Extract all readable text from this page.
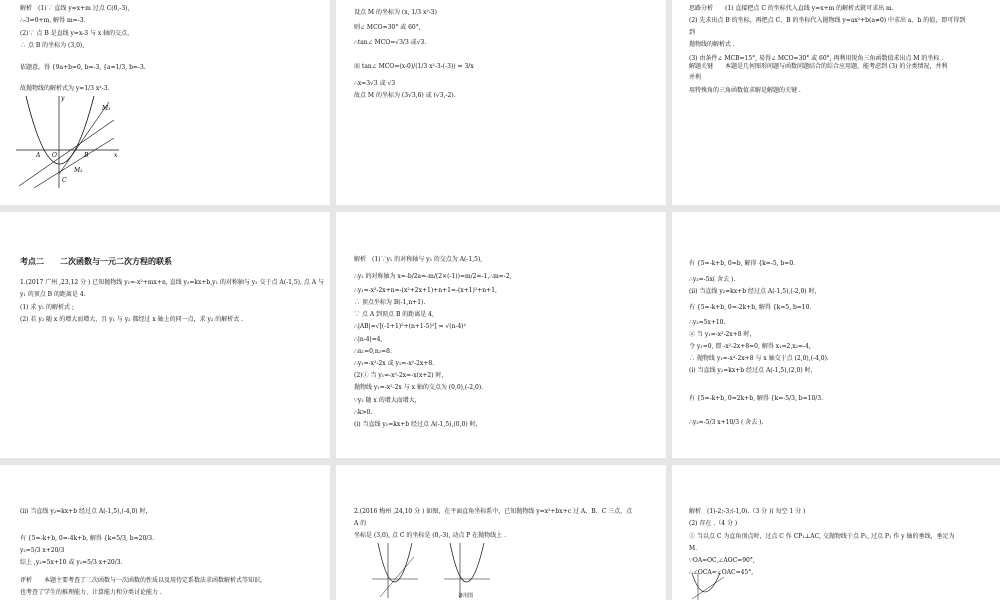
解析　(1)∵ 直线 y=x+m 过点 C(0,-3),
∴-3=0+m, 解得 m=-3.
(2)∵ 点 B 是直线 y=x-3 与 x 轴的交点，
∴ 点 B 的坐标为 (3,0),
依题意，得 {9a+b=0, b=-3, {a=1/3, b=-3.
故抛物线的解析式为 y=1/3 x²-3.
y
x
O
A	B
C
M₁
M₂
设点 M 的坐标为 (x, 1/3 x²-3)
则∠ MCO=30° 或 60°,
∴tan∠ MCO=√3/3 或√3.
而 tan∠ MCO=(x-0)/(1/3 x²-3-(-3)) = 3/x
∴x=3√3 或 √3
故点 M 的坐标为 (3√3,6) 或 (√3,-2).
思路分析　　(1) 直接把点 C 的坐标代入直线 y=x+m 的解析式就可求出 m.
(2) 先求出点 B 的坐标，再把点 C、B 的坐标代入抛物线 y=ax²+b(a≠0) 中求出 a、b 的值，即可得到
到
抛物线的解析式 .
(3) 由条件∠ MCB=15°, 易得∠ MCO=30° 或 60°, 再利用锐角三角函数值求出点 M 的坐标 .
解题关键　　本题是几何图形问题与函数问题结合的综合应用题，能考虑到 (3) 的分类情况，并利
并利
用特殊角的三角函数值求解是解题的关键 .
考点二　　二次函数与一元二次方程的联系
1.(2017 广州 ,23,12 分 ) 已知抛物线 y₁=-x²+mx+n, 直线 y₂=kx+b,y₁ 的对称轴与 y₂ 交于点 A(-1,5), 点 A 与
y₁ 的顶点 B 的距离是 4.
(1) 求 y₁ 的解析式 ;
(2) 若 y₂ 随 x 的增大而增大，且 y₁ 与 y₂ 都经过 x 轴上的同一点，求 y₂ 的解析式 .
解析　(1)∵y₁ 的对称轴与 y₂ 的交点为 A(-1,5),
∴y₁ 的对称轴为 x=-b/2a=-m/(2×(-1))=m/2=-1,∴m=-2,
∴y₁=-x²-2x+n=-(x²+2x+1)+n+1=-(x+1)²+n+1,
∴ 顶点坐标为 B(-1,n+1).
∵ 点 A 到顶点 B 的距离是 4,
∴|AB|=√[(-1+1)²+(n+1-5)²] = √(n-4)²
∴|n-4|=4,
∴n₁=0,n₂=8.
∴y₁=-x²-2x 或 y₁=-x²-2x+8.
(2)① 当 y₁=-x²-2x=-x(x+2) 时，
抛物线 y₁=-x²-2x 与 x 轴的交点为 (0,0),(-2,0).
∵y₂ 随 x 的增大而增大，
∴k>0.
(i) 当直线 y₂=kx+b 经过点 A(-1,5),(0,0) 时，
有 {5=-k+b, 0=b, 解得 {k=-5, b=0.
∴y₂=-5x( 舍去 ).
(ii) 当直线 y₂=kx+b 经过点 A(-1,5),(-2,0) 时，
有 {5=-k+b, 0=-2k+b, 解得 {k=5, b=10.
∴y₂=5x+10.
② 当 y₁=-x²-2x+8 时，
令 y₁=0, 即 -x²-2x+8=0, 解得 x₁=2,x₂=-4,
∴ 抛物线 y₁=-x²-2x+8 与 x 轴交于点 (2,0),(-4,0).
(i) 当直线 y₂=kx+b 经过点 A(-1,5),(2,0) 时，
有 {5=-k+b, 0=2k+b, 解得 {k=-5/3, b=10/3.
∴y₂=-5/3 x+10/3 ( 舍去 ).
(ii) 当直线 y₂=kx+b 经过点 A(-1,5),(-4,0) 时，
有 {5=-k+b, 0=-4k+b, 解得 {k=5/3, b=20/3.
y₂=5/3 x+20/3
综上 ,y₂=5x+10 或 y₂=5/3 x+20/3.
评析　　本题主要考查了二次函数与一次函数的性质以及用待定系数法求函数解析式等知识，
也考查了学生的推理能力、计算能力和分类讨论能力 .
2.(2016 梅州 ,24,10 分 ) 如图，在平面直角坐标系中，已知抛物线 y=x²+bx+c 过 A、B、C 三点，点
A 的
坐标是 (3,0), 点 C 的坐标是 (0,-3), 动点 P 在抛物线上 .
备用图
解析　(1)-2;-3;(-1,0).（3 分 )( 每空 1 分 )
(2) 存在 .（4 分 )
① 当以点 C 为直角顶点时，过点 C 作 CP₁⊥AC, 交抛物线于点 P₁, 过点 P₁ 作 y 轴的垂线，垂足为
M.
∵OA=OC,∠AOC=90°,
∴∠OCA=∠OAC=45°,
